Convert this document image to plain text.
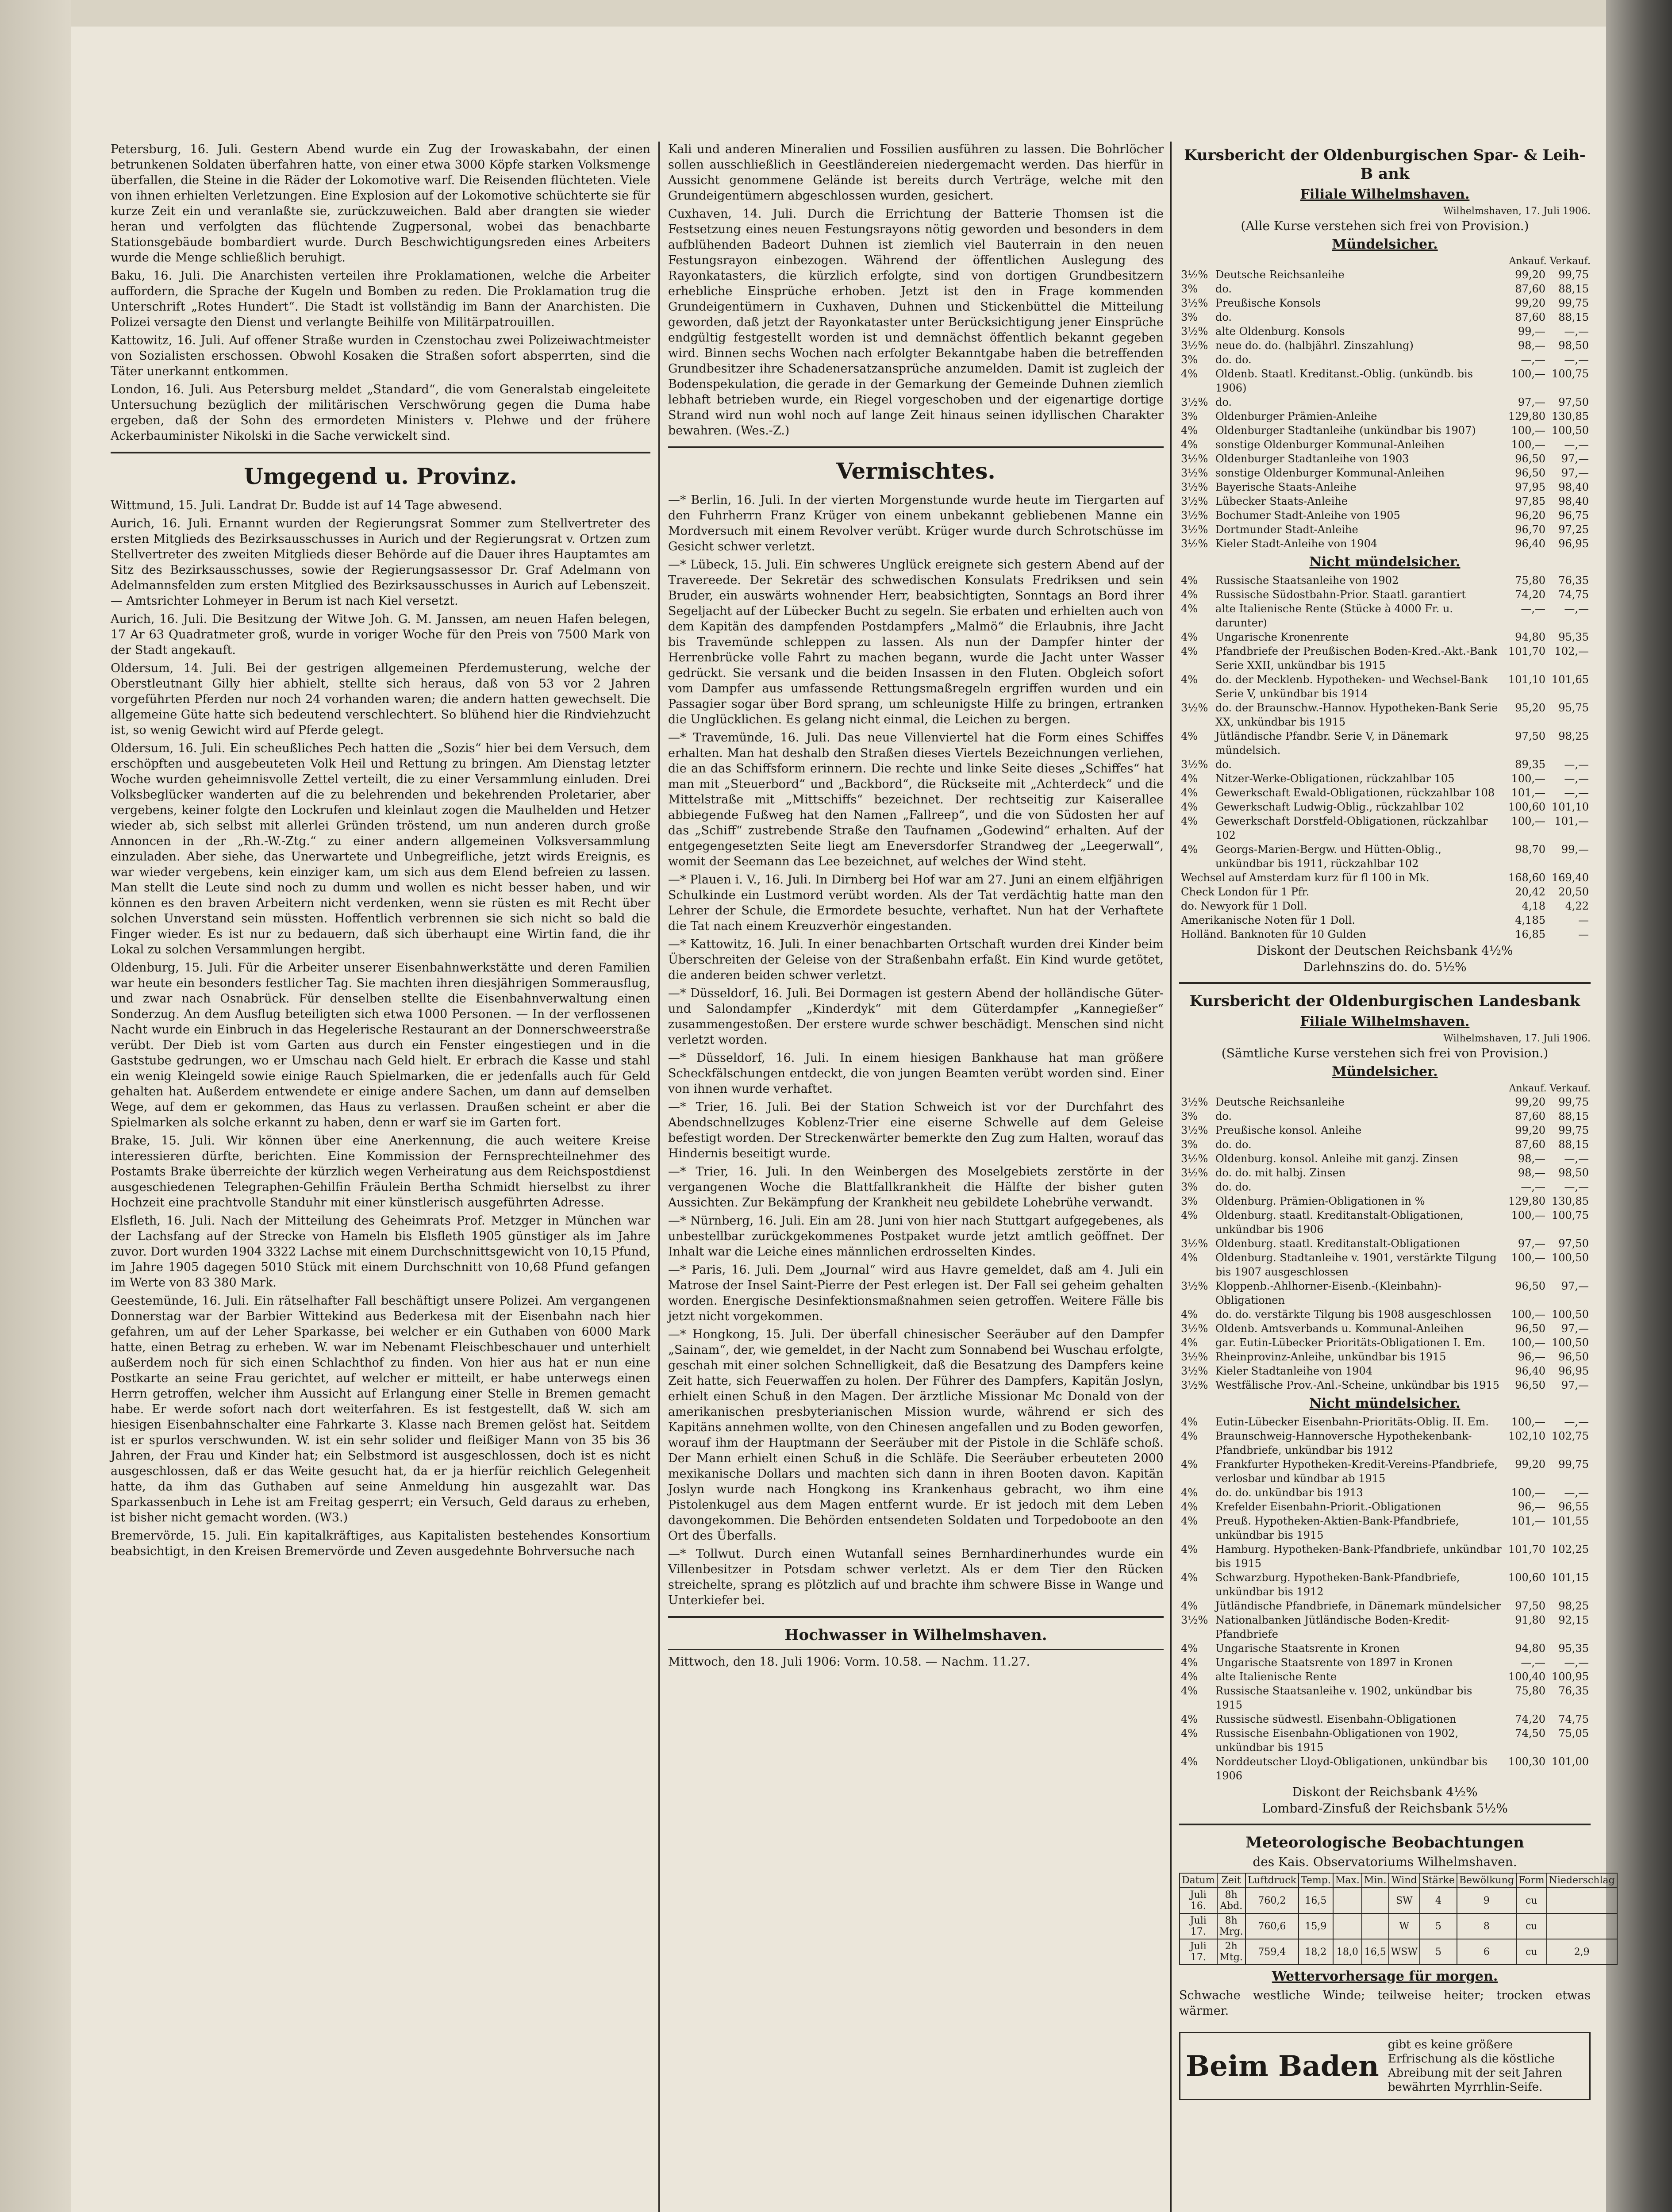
Petersburg, 16. Juli. Gestern Abend wurde ein Zug der Irowaskabahn, der einen betrunkenen Soldaten überfahren hatte, von einer etwa 3000 Köpfe starken Volksmenge überfallen, die Steine in die Räder der Lokomotive warf. Die Reisenden flüchteten. Viele von ihnen erhielten Verletzungen. Eine Explosion auf der Lokomotive schüchterte sie für kurze Zeit ein und veranlaßte sie, zurückzuweichen. Bald aber drangten sie wieder heran und verfolgten das flüchtende Zugpersonal, wobei das benachbarte Stationsgebäude bombardiert wurde. Durch Beschwichtigungsreden eines Arbeiters wurde die Menge schließlich beruhigt.

Baku, 16. Juli. Die Anarchisten verteilen ihre Proklamationen, welche die Arbeiter auffordern, die Sprache der Kugeln und Bomben zu reden. Die Proklamation trug die Unterschrift „Rotes Hundert“. Die Stadt ist vollständig im Bann der Anarchisten. Die Polizei versagte den Dienst und verlangte Beihilfe von Militärpatrouillen.

Kattowitz, 16. Juli. Auf offener Straße wurden in Czenstochau zwei Polizeiwachtmeister von Sozialisten erschossen. Obwohl Kosaken die Straßen sofort absperrten, sind die Täter unerkannt entkommen.

London, 16. Juli. Aus Petersburg meldet „Standard“, die vom Generalstab eingeleitete Untersuchung bezüglich der militärischen Verschwörung gegen die Duma habe ergeben, daß der Sohn des ermordeten Ministers v. Plehwe und der frühere Ackerbauminister Nikolski in die Sache verwickelt sind.

Umgegend u. Provinz.

Wittmund, 15. Juli. Landrat Dr. Budde ist auf 14 Tage abwesend.

Aurich, 16. Juli. Ernannt wurden der Regierungsrat Sommer zum Stellvertreter des ersten Mitglieds des Bezirksausschusses in Aurich und der Regierungsrat v. Ortzen zum Stellvertreter des zweiten Mitglieds dieser Behörde auf die Dauer ihres Hauptamtes am Sitz des Bezirksausschusses, sowie der Regierungsassessor Dr. Graf Adelmann von Adelmannsfelden zum ersten Mitglied des Bezirksausschusses in Aurich auf Lebenszeit. — Amtsrichter Lohmeyer in Berum ist nach Kiel versetzt.

Aurich, 16. Juli. Die Besitzung der Witwe Joh. G. M. Janssen, am neuen Hafen belegen, 17 Ar 63 Quadratmeter groß, wurde in voriger Woche für den Preis von 7500 Mark von der Stadt angekauft.

Oldersum, 14. Juli. Bei der gestrigen allgemeinen Pferdemusterung, welche der Oberstleutnant Gilly hier abhielt, stellte sich heraus, daß von 53 vor 2 Jahren vorgeführten Pferden nur noch 24 vorhanden waren; die andern hatten gewechselt. Die allgemeine Güte hatte sich bedeutend verschlechtert. So blühend hier die Rindviehzucht ist, so wenig Gewicht wird auf Pferde gelegt.

Oldersum, 16. Juli. Ein scheußliches Pech hatten die „Sozis“ hier bei dem Versuch, dem erschöpften und ausgebeuteten Volk Heil und Rettung zu bringen. Am Dienstag letzter Woche wurden geheimnisvolle Zettel verteilt, die zu einer Versammlung einluden. Drei Volksbeglücker wanderten auf die zu belehrenden und bekehrenden Proletarier, aber vergebens, keiner folgte den Lockrufen und kleinlaut zogen die Maulhelden und Hetzer wieder ab, sich selbst mit allerlei Gründen tröstend, um nun anderen durch große Annoncen in der „Rh.-W.-Ztg.“ zu einer andern allgemeinen Volksversammlung einzuladen. Aber siehe, das Unerwartete und Unbegreifliche, jetzt wirds Ereignis, es war wieder vergebens, kein einziger kam, um sich aus dem Elend befreien zu lassen. Man stellt die Leute sind noch zu dumm und wollen es nicht besser haben, und wir können es den braven Arbeitern nicht verdenken, wenn sie rüsten es mit Recht über solchen Unverstand sein müssten. Hoffentlich verbrennen sie sich nicht so bald die Finger wieder. Es ist nur zu bedauern, daß sich überhaupt eine Wirtin fand, die ihr Lokal zu solchen Versammlungen hergibt.

Oldenburg, 15. Juli. Für die Arbeiter unserer Eisenbahnwerkstätte und deren Familien war heute ein besonders festlicher Tag. Sie machten ihren diesjährigen Sommerausflug, und zwar nach Osnabrück. Für denselben stellte die Eisenbahnverwaltung einen Sonderzug. An dem Ausflug beteiligten sich etwa 1000 Personen. — In der verflossenen Nacht wurde ein Einbruch in das Hegelerische Restaurant an der Donnerschweerstraße verübt. Der Dieb ist vom Garten aus durch ein Fenster eingestiegen und in die Gaststube gedrungen, wo er Umschau nach Geld hielt. Er erbrach die Kasse und stahl ein wenig Kleingeld sowie einige Rauch Spielmarken, die er jedenfalls auch für Geld gehalten hat. Außerdem entwendete er einige andere Sachen, um dann auf demselben Wege, auf dem er gekommen, das Haus zu verlassen. Draußen scheint er aber die Spielmarken als solche erkannt zu haben, denn er warf sie im Garten fort.

Brake, 15. Juli. Wir können über eine Anerkennung, die auch weitere Kreise interessieren dürfte, berichten. Eine Kommission der Fernsprechteilnehmer des Postamts Brake überreichte der kürzlich wegen Verheiratung aus dem Reichspostdienst ausgeschiedenen Telegraphen-Gehilfin Fräulein Bertha Schmidt hierselbst zu ihrer Hochzeit eine prachtvolle Standuhr mit einer künstlerisch ausgeführten Adresse.

Elsfleth, 16. Juli. Nach der Mitteilung des Geheimrats Prof. Metzger in München war der Lachsfang auf der Strecke von Hameln bis Elsfleth 1905 günstiger als im Jahre zuvor. Dort wurden 1904 3322 Lachse mit einem Durchschnittsgewicht von 10,15 Pfund, im Jahre 1905 dagegen 5010 Stück mit einem Durchschnitt von 10,68 Pfund gefangen im Werte von 83 380 Mark.

Geestemünde, 16. Juli. Ein rätselhafter Fall beschäftigt unsere Polizei. Am vergangenen Donnerstag war der Barbier Wittekind aus Bederkesa mit der Eisenbahn nach hier gefahren, um auf der Leher Sparkasse, bei welcher er ein Guthaben von 6000 Mark hatte, einen Betrag zu erheben. W. war im Nebenamt Fleischbeschauer und unterhielt außerdem noch für sich einen Schlachthof zu finden. Von hier aus hat er nun eine Postkarte an seine Frau gerichtet, auf welcher er mitteilt, er habe unterwegs einen Herrn getroffen, welcher ihm Aussicht auf Erlangung einer Stelle in Bremen gemacht habe. Er werde sofort nach dort weiterfahren. Es ist festgestellt, daß W. sich am hiesigen Eisenbahnschalter eine Fahrkarte 3. Klasse nach Bremen gelöst hat. Seitdem ist er spurlos verschwunden. W. ist ein sehr solider und fleißiger Mann von 35 bis 36 Jahren, der Frau und Kinder hat; ein Selbstmord ist ausgeschlossen, doch ist es nicht ausgeschlossen, daß er das Weite gesucht hat, da er ja hierfür reichlich Gelegenheit hatte, da ihm das Guthaben auf seine Anmeldung hin ausgezahlt war. Das Sparkassenbuch in Lehe ist am Freitag gesperrt; ein Versuch, Geld daraus zu erheben, ist bisher nicht gemacht worden. (W3.)

Bremervörde, 15. Juli. Ein kapitalkräftiges, aus Kapitalisten bestehendes Konsortium beabsichtigt, in den Kreisen Bremervörde und Zeven ausgedehnte Bohrversuche nach

Kali und anderen Mineralien und Fossilien ausführen zu lassen. Die Bohrlöcher sollen ausschließlich in Geestländereien niedergemacht werden. Das hierfür in Aussicht genommene Gelände ist bereits durch Verträge, welche mit den Grundeigentümern abgeschlossen wurden, gesichert.

Cuxhaven, 14. Juli. Durch die Errichtung der Batterie Thomsen ist die Festsetzung eines neuen Festungsrayons nötig geworden und besonders in dem aufblühenden Badeort Duhnen ist ziemlich viel Bauterrain in den neuen Festungsrayon einbezogen. Während der öffentlichen Auslegung des Rayonkatasters, die kürzlich erfolgte, sind von dortigen Grundbesitzern erhebliche Einsprüche erhoben. Jetzt ist den in Frage kommenden Grundeigentümern in Cuxhaven, Duhnen und Stickenbüttel die Mitteilung geworden, daß jetzt der Rayonkataster unter Berücksichtigung jener Einsprüche endgültig festgestellt worden ist und demnächst öffentlich bekannt gegeben wird. Binnen sechs Wochen nach erfolgter Bekanntgabe haben die betreffenden Grundbesitzer ihre Schadenersatzansprüche anzumelden. Damit ist zugleich der Bodenspekulation, die gerade in der Gemarkung der Gemeinde Duhnen ziemlich lebhaft betrieben wurde, ein Riegel vorgeschoben und der eigenartige dortige Strand wird nun wohl noch auf lange Zeit hinaus seinen idyllischen Charakter bewahren. (Wes.-Z.)

Vermischtes.

—* Berlin, 16. Juli. In der vierten Morgenstunde wurde heute im Tiergarten auf den Fuhrherrn Franz Krüger von einem unbekannt gebliebenen Manne ein Mordversuch mit einem Revolver verübt. Krüger wurde durch Schrotschüsse im Gesicht schwer verletzt.

—* Lübeck, 15. Juli. Ein schweres Unglück ereignete sich gestern Abend auf der Travereede. Der Sekretär des schwedischen Konsulats Fredriksen und sein Bruder, ein auswärts wohnender Herr, beabsichtigten, Sonntags an Bord ihrer Segeljacht auf der Lübecker Bucht zu segeln. Sie erbaten und erhielten auch von dem Kapitän des dampfenden Postdampfers „Malmö“ die Erlaubnis, ihre Jacht bis Travemünde schleppen zu lassen. Als nun der Dampfer hinter der Herrenbrücke volle Fahrt zu machen begann, wurde die Jacht unter Wasser gedrückt. Sie versank und die beiden Insassen in den Fluten. Obgleich sofort vom Dampfer aus umfassende Rettungsmaßregeln ergriffen wurden und ein Passagier sogar über Bord sprang, um schleunigste Hilfe zu bringen, ertranken die Unglücklichen. Es gelang nicht einmal, die Leichen zu bergen.

—* Travemünde, 16. Juli. Das neue Villenviertel hat die Form eines Schiffes erhalten. Man hat deshalb den Straßen dieses Viertels Bezeichnungen verliehen, die an das Schiffsform erinnern. Die rechte und linke Seite dieses „Schiffes“ hat man mit „Steuerbord“ und „Backbord“, die Rückseite mit „Achterdeck“ und die Mittelstraße mit „Mittschiffs“ bezeichnet. Der rechtseitig zur Kaiserallee abbiegende Fußweg hat den Namen „Fallreep“, und die von Südosten her auf das „Schiff“ zustrebende Straße den Taufnamen „Godewind“ erhalten. Auf der entgegengesetzten Seite liegt am Eneversdorfer Strandweg der „Leegerwall“, womit der Seemann das Lee bezeichnet, auf welches der Wind steht.

—* Plauen i. V., 16. Juli. In Dirnberg bei Hof war am 27. Juni an einem elfjährigen Schulkinde ein Lustmord verübt worden. Als der Tat verdächtig hatte man den Lehrer der Schule, die Ermordete besuchte, verhaftet. Nun hat der Verhaftete die Tat nach einem Kreuzverhör eingestanden.

—* Kattowitz, 16. Juli. In einer benachbarten Ortschaft wurden drei Kinder beim Überschreiten der Geleise von der Straßenbahn erfaßt. Ein Kind wurde getötet, die anderen beiden schwer verletzt.

—* Düsseldorf, 16. Juli. Bei Dormagen ist gestern Abend der holländische Güter- und Salondampfer „Kinderdyk“ mit dem Güterdampfer „Kannegießer“ zusammengestoßen. Der erstere wurde schwer beschädigt. Menschen sind nicht verletzt worden.

—* Düsseldorf, 16. Juli. In einem hiesigen Bankhause hat man größere Scheckfälschungen entdeckt, die von jungen Beamten verübt worden sind. Einer von ihnen wurde verhaftet.

—* Trier, 16. Juli. Bei der Station Schweich ist vor der Durchfahrt des Abendschnellzuges Koblenz-Trier eine eiserne Schwelle auf dem Geleise befestigt worden. Der Streckenwärter bemerkte den Zug zum Halten, worauf das Hindernis beseitigt wurde.

—* Trier, 16. Juli. In den Weinbergen des Moselgebiets zerstörte in der vergangenen Woche die Blattfallkrankheit die Hälfte der bisher guten Aussichten. Zur Bekämpfung der Krankheit neu gebildete Lohebrühe verwandt.

—* Nürnberg, 16. Juli. Ein am 28. Juni von hier nach Stuttgart aufgegebenes, als unbestellbar zurückgekommenes Postpaket wurde jetzt amtlich geöffnet. Der Inhalt war die Leiche eines männlichen erdrosselten Kindes.

—* Paris, 16. Juli. Dem „Journal“ wird aus Havre gemeldet, daß am 4. Juli ein Matrose der Insel Saint-Pierre der Pest erlegen ist. Der Fall sei geheim gehalten worden. Energische Desinfektionsmaßnahmen seien getroffen. Weitere Fälle bis jetzt nicht vorgekommen.

—* Hongkong, 15. Juli. Der überfall chinesischer Seeräuber auf den Dampfer „Sainam“, der, wie gemeldet, in der Nacht zum Sonnabend bei Wuschau erfolgte, geschah mit einer solchen Schnelligkeit, daß die Besatzung des Dampfers keine Zeit hatte, sich Feuerwaffen zu holen. Der Führer des Dampfers, Kapitän Joslyn, erhielt einen Schuß in den Magen. Der ärztliche Missionar Mc Donald von der amerikanischen presbyterianischen Mission wurde, während er sich des Kapitäns annehmen wollte, von den Chinesen angefallen und zu Boden geworfen, worauf ihm der Hauptmann der Seeräuber mit der Pistole in die Schläfe schoß. Der Mann erhielt einen Schuß in die Schläfe. Die Seeräuber erbeuteten 2000 mexikanische Dollars und machten sich dann in ihren Booten davon. Kapitän Joslyn wurde nach Hongkong ins Krankenhaus gebracht, wo ihm eine Pistolenkugel aus dem Magen entfernt wurde. Er ist jedoch mit dem Leben davongekommen. Die Behörden entsendeten Soldaten und Torpedoboote an den Ort des Überfalls.

—* Tollwut. Durch einen Wutanfall seines Bernhardinerhundes wurde ein Villenbesitzer in Potsdam schwer verletzt. Als er dem Tier den Rücken streichelte, sprang es plötzlich auf und brachte ihm schwere Bisse in Wange und Unterkiefer bei.

Hochwasser in Wilhelmshaven.

Mittwoch, den 18. Juli 1906: Vorm. 10.58. — Nachm. 11.27.

Kursbericht der Oldenburgischen Spar- & Leih-B ank
Filiale Wilhelmshaven.
Wilhelmshaven, 17. Juli 1906.
(Alle Kurse verstehen sich frei von Provision.)
Mündelsicher.
Ankauf. Verkauf.
3½%	Deutsche Reichsanleihe	99,20	99,75
3%	do.	87,60	88,15
3½%	Preußische Konsols	99,20	99,75
3%	do.	87,60	88,15
3½%	alte Oldenburg. Konsols	99,—	—,—
3½%	neue do. do. (halbjährl. Zinszahlung)	98,—	98,50
3%	do. do.	—,—	—,—
4%	Oldenb. Staatl. Kreditanst.-Oblig. (unkündb. bis 1906)	100,—	100,75
3½%	do.	97,—	97,50
3%	Oldenburger Prämien-Anleihe	129,80	130,85
4%	Oldenburger Stadtanleihe (unkündbar bis 1907)	100,—	100,50
4%	sonstige Oldenburger Kommunal-Anleihen	100,—	—,—
3½%	Oldenburger Stadtanleihe von 1903	96,50	97,—
3½%	sonstige Oldenburger Kommunal-Anleihen	96,50	97,—
3½%	Bayerische Staats-Anleihe	97,95	98,40
3½%	Lübecker Staats-Anleihe	97,85	98,40
3½%	Bochumer Stadt-Anleihe von 1905	96,20	96,75
3½%	Dortmunder Stadt-Anleihe	96,70	97,25
3½%	Kieler Stadt-Anleihe von 1904	96,40	96,95
Nicht mündelsicher.
4%	Russische Staatsanleihe von 1902	75,80	76,35
4%	Russische Südostbahn-Prior. Staatl. garantiert	74,20	74,75
4%	alte Italienische Rente (Stücke à 4000 Fr. u. darunter)	—,—	—,—
4%	Ungarische Kronenrente	94,80	95,35
4%	Pfandbriefe der Preußischen Boden-Kred.-Akt.-Bank Serie XXII, unkündbar bis 1915	101,70	102,—
4%	do. der Mecklenb. Hypotheken- und Wechsel-Bank Serie V, unkündbar bis 1914	101,10	101,65
3½%	do. der Braunschw.-Hannov. Hypotheken-Bank Serie XX, unkündbar bis 1915	95,20	95,75
4%	Jütländische Pfandbr. Serie V, in Dänemark mündelsich.	97,50	98,25
3½%	do.	89,35	—,—
4%	Nitzer-Werke-Obligationen, rückzahlbar 105	100,—	—,—
4%	Gewerkschaft Ewald-Obligationen, rückzahlbar 108	101,—	—,—
4%	Gewerkschaft Ludwig-Oblig., rückzahlbar 102	100,60	101,10
4%	Gewerkschaft Dorstfeld-Obligationen, rückzahlbar 102	100,—	101,—
4%	Georgs-Marien-Bergw. und Hütten-Oblig., unkündbar bis 1911, rückzahlbar 102	98,70	99,—
Wechsel auf Amsterdam kurz für fl 100 in Mk.	168,60	169,40
Check London für 1 Pfr.	20,42	20,50
do. Newyork für 1 Doll.	4,18	4,22
Amerikanische Noten für 1 Doll.	4,185	—
Holländ. Banknoten für 10 Gulden	16,85	—
Diskont der Deutschen Reichsbank 4½%
Darlehnszins do. do. 5½%
Kursbericht der Oldenburgischen Landesbank
Filiale Wilhelmshaven.
Wilhelmshaven, 17. Juli 1906.
(Sämtliche Kurse verstehen sich frei von Provision.)
Mündelsicher.
Ankauf. Verkauf.
3½%	Deutsche Reichsanleihe	99,20	99,75
3%	do.	87,60	88,15
3½%	Preußische konsol. Anleihe	99,20	99,75
3%	do. do.	87,60	88,15
3½%	Oldenburg. konsol. Anleihe mit ganzj. Zinsen	98,—	—,—
3½%	do. do. mit halbj. Zinsen	98,—	98,50
3%	do. do.	—,—	—,—
3%	Oldenburg. Prämien-Obligationen in %	129,80	130,85
4%	Oldenburg. staatl. Kreditanstalt-Obligationen, unkündbar bis 1906	100,—	100,75
3½%	Oldenburg. staatl. Kreditanstalt-Obligationen	97,—	97,50
4%	Oldenburg. Stadtanleihe v. 1901, verstärkte Tilgung bis 1907 ausgeschlossen	100,—	100,50
3½%	Kloppenb.-Ahlhorner-Eisenb.-(Kleinbahn)-Obligationen	96,50	97,—
4%	do. do. verstärkte Tilgung bis 1908 ausgeschlossen	100,—	100,50
3½%	Oldenb. Amtsverbands u. Kommunal-Anleihen	96,50	97,—
4%	gar. Eutin-Lübecker Prioritäts-Obligationen I. Em.	100,—	100,50
3½%	Rheinprovinz-Anleihe, unkündbar bis 1915	96,—	96,50
3½%	Kieler Stadtanleihe von 1904	96,40	96,95
3½%	Westfälische Prov.-Anl.-Scheine, unkündbar bis 1915	96,50	97,—
Nicht mündelsicher.
4%	Eutin-Lübecker Eisenbahn-Prioritäts-Oblig. II. Em.	100,—	—,—
4%	Braunschweig-Hannoversche Hypothekenbank-Pfandbriefe, unkündbar bis 1912	102,10	102,75
4%	Frankfurter Hypotheken-Kredit-Vereins-Pfandbriefe, verlosbar und kündbar ab 1915	99,20	99,75
4%	do. do. unkündbar bis 1913	100,—	—,—
4%	Krefelder Eisenbahn-Priorit.-Obligationen	96,—	96,55
4%	Preuß. Hypotheken-Aktien-Bank-Pfandbriefe, unkündbar bis 1915	101,—	101,55
4%	Hamburg. Hypotheken-Bank-Pfandbriefe, unkündbar bis 1915	101,70	102,25
4%	Schwarzburg. Hypotheken-Bank-Pfandbriefe, unkündbar bis 1912	100,60	101,15
4%	Jütländische Pfandbriefe, in Dänemark mündelsicher	97,50	98,25
3½%	Nationalbanken Jütländische Boden-Kredit-Pfandbriefe	91,80	92,15
4%	Ungarische Staatsrente in Kronen	94,80	95,35
4%	Ungarische Staatsrente von 1897 in Kronen	—,—	—,—
4%	alte Italienische Rente	100,40	100,95
4%	Russische Staatsanleihe v. 1902, unkündbar bis 1915	75,80	76,35
4%	Russische südwestl. Eisenbahn-Obligationen	74,20	74,75
4%	Russische Eisenbahn-Obligationen von 1902, unkündbar bis 1915	74,50	75,05
4%	Norddeutscher Lloyd-Obligationen, unkündbar bis 1906	100,30	101,00
Diskont der Reichsbank 4½%
Lombard-Zinsfuß der Reichsbank 5½%
Meteorologische Beobachtungen
des Kais. Observatoriums Wilhelmshaven.
Datum	Zeit	Luftdruck	Temp.	Max.	Min.	Wind	Stärke	Bewölkung	Form	Niederschlag
Juli 16.	8h Abd.	760,2	16,5			SW	4	9	cu	
Juli 17.	8h Mrg.	760,6	15,9			W	5	8	cu	
Juli 17.	2h Mtg.	759,4	18,2	18,0	16,5	WSW	5	6	cu	2,9
Wettervorhersage für morgen.

Schwache westliche Winde; teilweise heiter; trocken etwas wärmer.

Beim Baden
gibt es keine größere Erfrischung als die köstliche Abreibung mit der seit Jahren bewährten Myrrhlin-Seife.
